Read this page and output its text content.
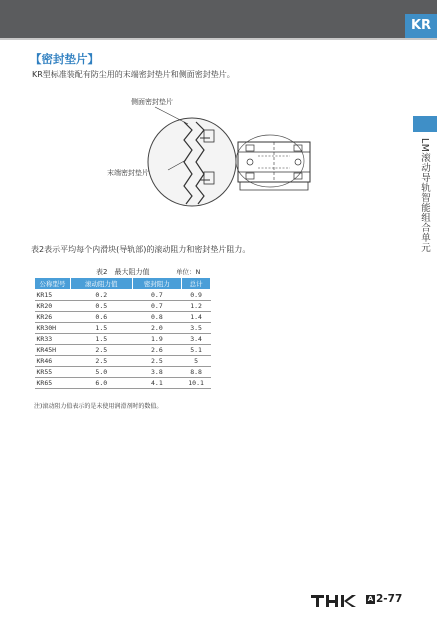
KR
LM滚动导轨智能组合单元
【密封垫片】
KR型标准装配有防尘用的末端密封垫片和侧面密封垫片。
侧面密封垫片
末端密封垫片
表2表示平均每个内滑块(导轨部)的滚动阻力和密封垫片阻力。
表2　最大阻力值	单位：N
公称型号	滚动阻力值	密封阻力	总计
KR15	0.2	0.7	0.9
KR20	0.5	0.7	1.2
KR26	0.6	0.8	1.4
KR30H	1.5	2.0	3.5
KR33	1.5	1.9	3.4
KR45H	2.5	2.6	5.1
KR46	2.5	2.5	5
KR55	5.0	3.8	8.8
KR65	6.0	4.1	10.1
注)滚动阻力值表示的是未使用润滑剂时的数值。
A 2-77
